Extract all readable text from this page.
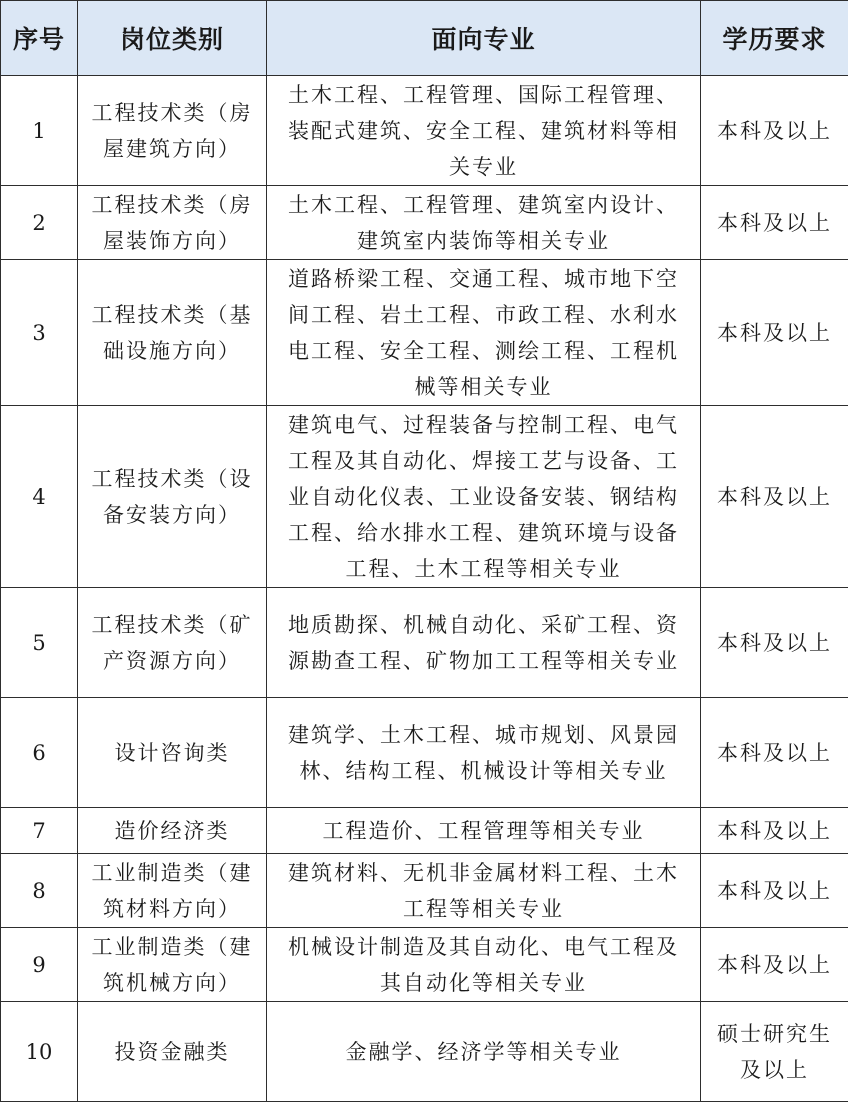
序号	岗位类别	面向专业	学历要求
1	工程技术类（房屋建筑方向）	土木工程、工程管理、国际工程管理、装配式建筑、安全工程、建筑材料等相关专业	本科及以上
2	工程技术类（房屋装饰方向）	土木工程、工程管理、建筑室内设计、建筑室内装饰等相关专业	本科及以上
3	工程技术类（基础设施方向）	道路桥梁工程、交通工程、城市地下空间工程、岩土工程、市政工程、水利水电工程、安全工程、测绘工程、工程机械等相关专业	本科及以上
4	工程技术类（设备安装方向）	建筑电气、过程装备与控制工程、电气工程及其自动化、焊接工艺与设备、工业自动化仪表、工业设备安装、钢结构工程、给水排水工程、建筑环境与设备工程、土木工程等相关专业	本科及以上
5	工程技术类（矿产资源方向）	地质勘探、机械自动化、采矿工程、资源勘查工程、矿物加工工程等相关专业	本科及以上
6	设计咨询类	建筑学、土木工程、城市规划、风景园林、结构工程、机械设计等相关专业	本科及以上
7	造价经济类	工程造价、工程管理等相关专业	本科及以上
8	工业制造类（建筑材料方向）	建筑材料、无机非金属材料工程、土木工程等相关专业	本科及以上
9	工业制造类（建筑机械方向）	机械设计制造及其自动化、电气工程及其自动化等相关专业	本科及以上
10	投资金融类	金融学、经济学等相关专业	硕士研究生及以上
